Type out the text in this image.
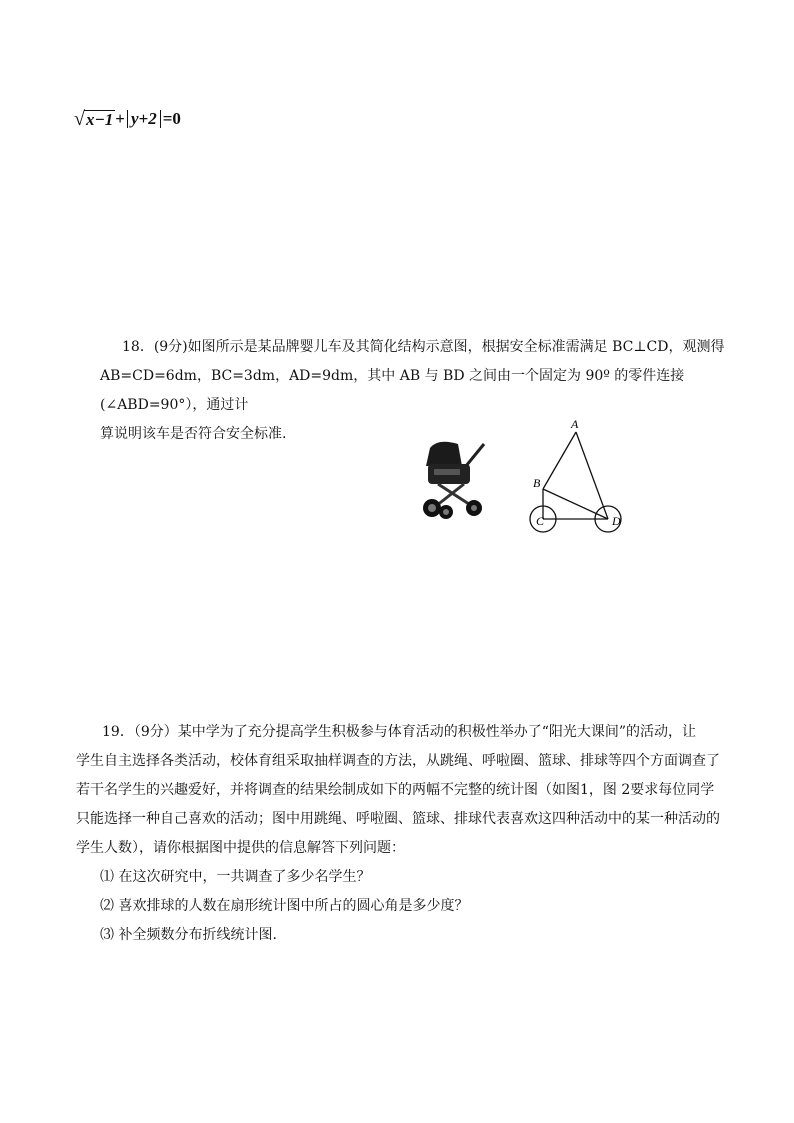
√ x−1 + y+2 =0
18．(9分)如图所示是某品牌婴儿车及其简化结构示意图，根据安全标准需满足 BC⊥CD，观测得
AB=CD=6dm，BC=3dm，AD=9dm，其中 AB 与 BD 之间由一个固定为 90º 的零件连接(∠ABD=90°），通过计
算说明该车是否符合安全标准.
A
B
C	D
19．（9分）某中学为了充分提高学生积极参与体育活动的积极性举办了“阳光大课间”的活动，让
学生自主选择各类活动，校体育组采取抽样调查的方法，从跳绳、呼啦圈、篮球、排球等四个方面调查了
若干名学生的兴趣爱好，并将调查的结果绘制成如下的两幅不完整的统计图（如图1，图 2要求每位同学
只能选择一种自己喜欢的活动；图中用跳绳、呼啦圈、篮球、排球代表喜欢这四种活动中的某一种活动的
学生人数），请你根据图中提供的信息解答下列问题：
⑴ 在这次研究中，一共调查了多少名学生？
⑵ 喜欢排球的人数在扇形统计图中所占的圆心角是多少度？
⑶ 补全频数分布折线统计图.
